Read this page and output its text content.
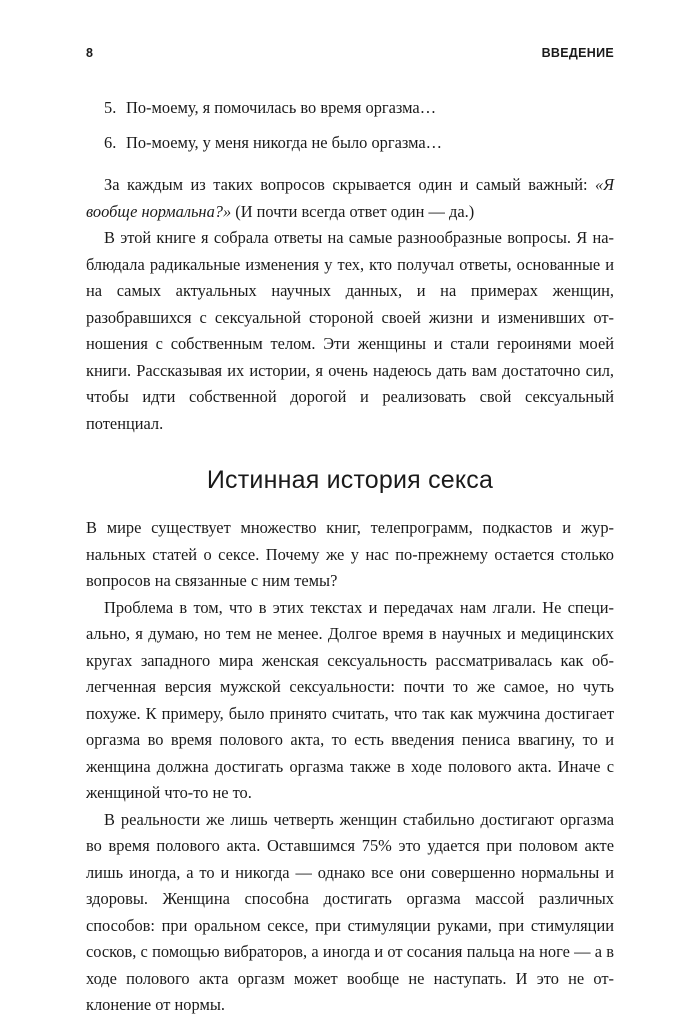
8	ВВЕДЕНИЕ
5. По-моему, я помочилась во время оргазма…
6. По-моему, у меня никогда не было оргазма…

За каждым из таких вопросов скрывается один и самый важный: «Я вообще нормальна?» (И почти всегда ответ один — да.)

В этой книге я собрала ответы на самые разнообразные вопросы. Я наблюдала радикальные изменения у тех, кто получал ответы, основанные и на самых актуальных научных данных, и на примерах женщин, разобравшихся с сексуальной стороной своей жизни и изменивших отношения с собственным телом. Эти женщины и стали героинями моей книги. Рассказывая их истории, я очень надеюсь дать вам достаточно сил, чтобы идти собственной дорогой и реализовать свой сексуальный потенциал.

Истинная история секса

В мире существует множество книг, телепрограмм, подкастов и журнальных статей о сексе. Почему же у нас по-прежнему остается столько вопросов на связанные с ним темы?

Проблема в том, что в этих текстах и передачах нам лгали. Не специально, я думаю, но тем не менее. Долгое время в научных и медицинских кругах западного мира женская сексуальность рассматривалась как облегченная версия мужской сексуальности: почти то же самое, но чуть похуже. К примеру, было принято считать, что так как мужчина достигает оргазма во время полового акта, то есть введения пениса ввагину, то и женщина должна достигать оргазма также в ходе полового акта. Иначе с женщиной что-то не то.

В реальности же лишь четверть женщин стабильно достигают оргазма во время полового акта. Оставшимся 75% это удается при половом акте лишь иногда, а то и никогда — однако все они совершенно нормальны и здоровы. Женщина способна достигать оргазма массой различных способов: при оральном сексе, при стимуляции руками, при стимуляции сосков, с помощью вибраторов, а иногда и от сосания пальца на ноге — а в ходе полового акта оргазм может вообще не наступать. И это не отклонение от нормы.
